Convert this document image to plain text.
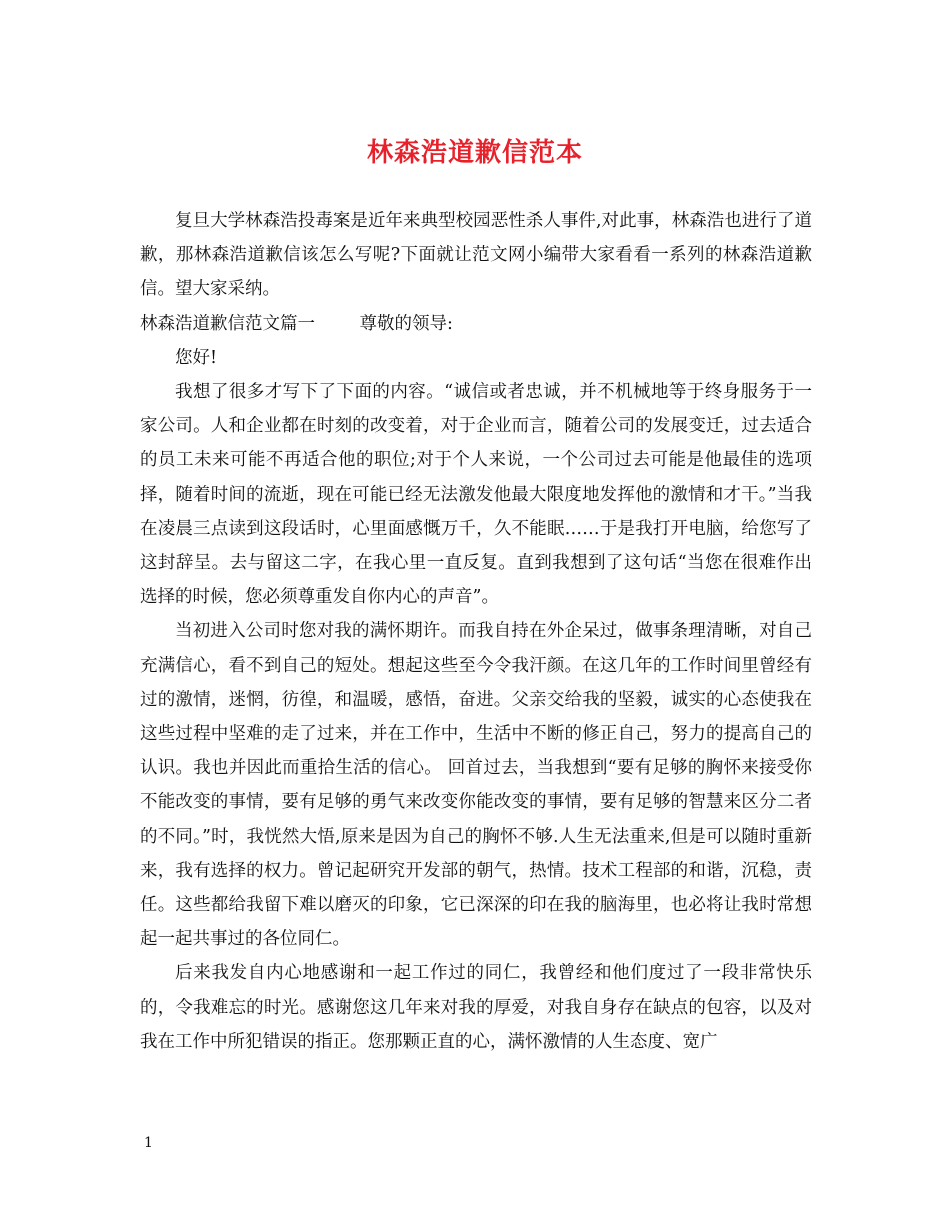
林森浩道歉信范本

复旦大学林森浩投毒案是近年来典型校园恶性杀人事件,对此事，林森浩也进行了道歉，那林森浩道歉信该怎么写呢?下面就让范文网小编带大家看看一系列的林森浩道歉信。望大家采纳。

林森浩道歉信范文篇一	尊敬的领导:

您好!

我想了很多才写下了下面的内容。“诚信或者忠诚，并不机械地等于终身服务于一家公司。人和企业都在时刻的改变着，对于企业而言，随着公司的发展变迁，过去适合的员工未来可能不再适合他的职位;对于个人来说，一个公司过去可能是他最佳的选项择，随着时间的流逝，现在可能已经无法激发他最大限度地发挥他的激情和才干。”当我在凌晨三点读到这段话时，心里面感慨万千，久不能眠……于是我打开电脑，给您写了这封辞呈。去与留这二字，在我心里一直反复。直到我想到了这句话“当您在很难作出选择的时候，您必须尊重发自你内心的声音”。

当初进入公司时您对我的满怀期许。而我自持在外企呆过，做事条理清晰，对自己充满信心，看不到自己的短处。想起这些至今令我汗颜。在这几年的工作时间里曾经有过的激情，迷惘，彷徨，和温暖，感悟，奋进。父亲交给我的坚毅，诚实的心态使我在这些过程中坚难的走了过来，并在工作中，生活中不断的修正自己，努力的提高自己的认识。我也并因此而重拾生活的信心。 回首过去，当我想到“要有足够的胸怀来接受你不能改变的事情，要有足够的勇气来改变你能改变的事情，要有足够的智慧来区分二者的不同。”时，我恍然大悟,原来是因为自己的胸怀不够.人生无法重来,但是可以随时重新来，我有选择的权力。曾记起研究开发部的朝气，热情。技术工程部的和谐，沉稳，责任。这些都给我留下难以磨灭的印象，它已深深的印在我的脑海里，也必将让我时常想起一起共事过的各位同仁。

后来我发自内心地感谢和一起工作过的同仁，我曾经和他们度过了一段非常快乐的，令我难忘的时光。感谢您这几年来对我的厚爱，对我自身存在缺点的包容，以及对我在工作中所犯错误的指正。您那颗正直的心，满怀激情的人生态度、宽广

1
